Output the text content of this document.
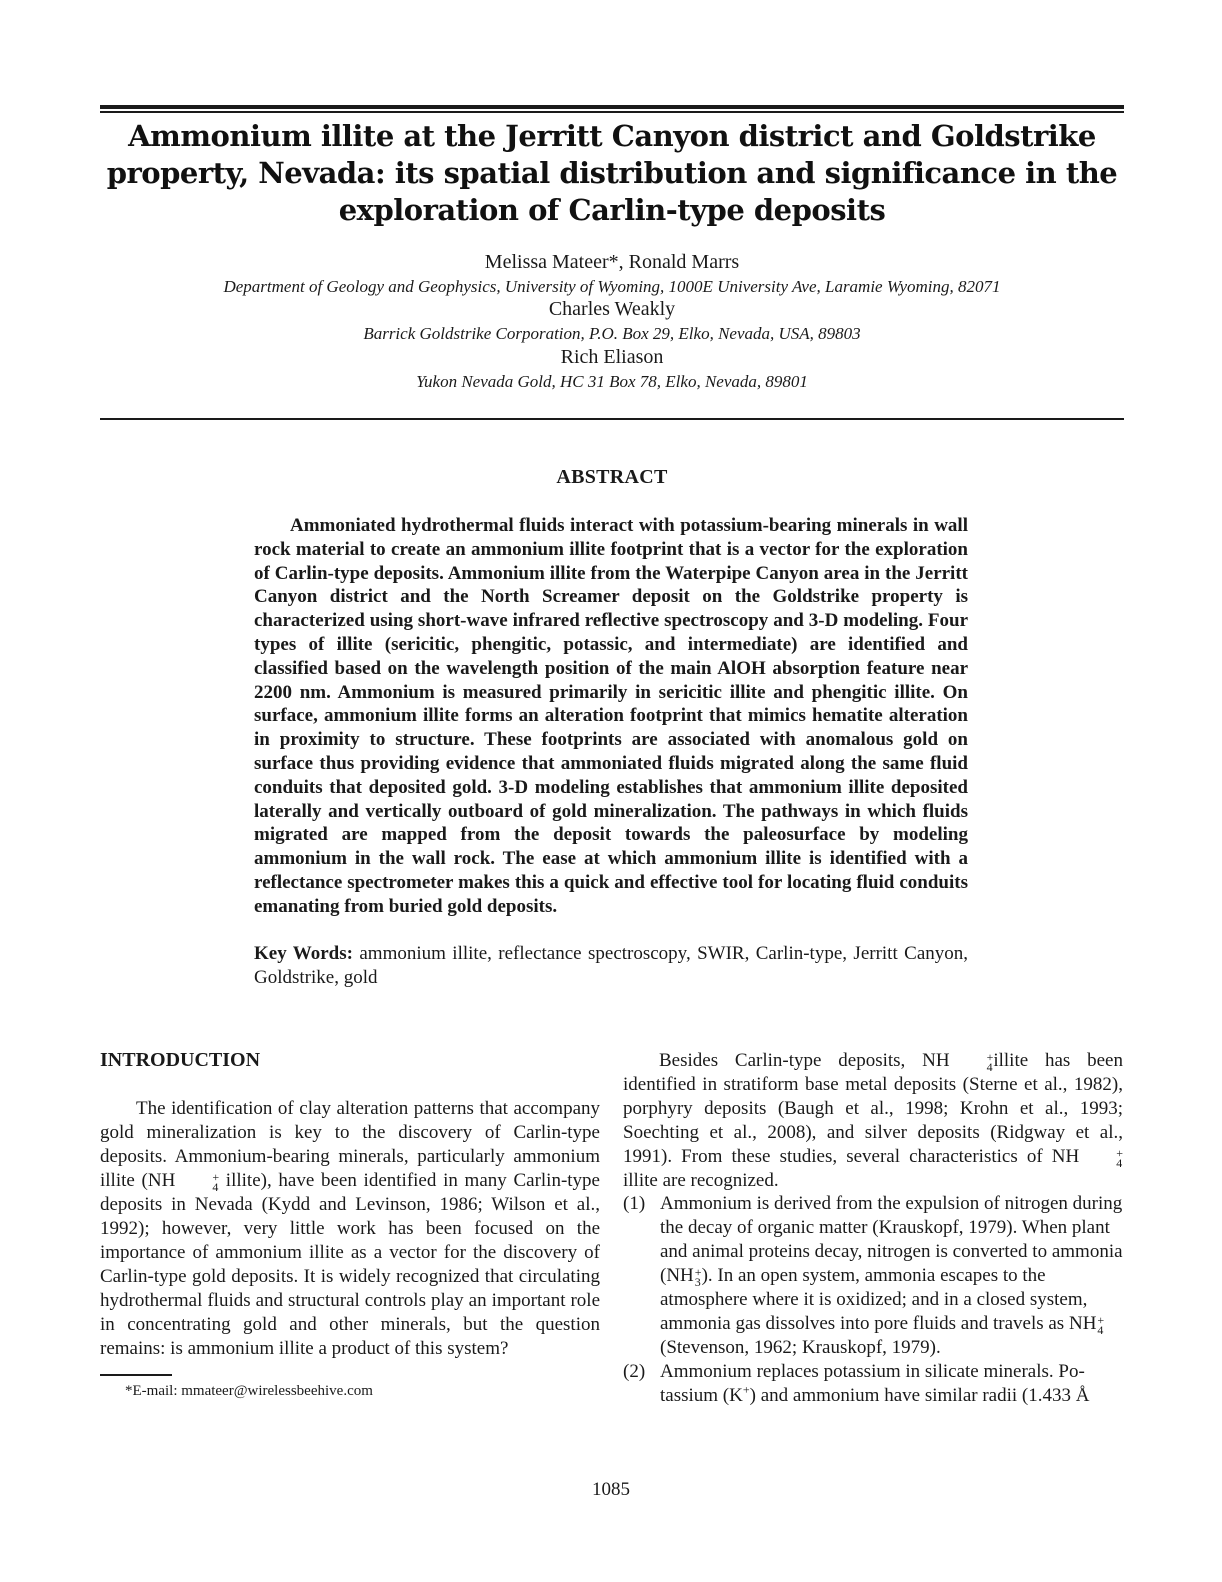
Ammonium illite at the Jerritt Canyon district and Goldstrike
property, Nevada: its spatial distribution and significance in the
exploration of Carlin-type deposits
Melissa Mateer*, Ronald Marrs
Department of Geology and Geophysics, University of Wyoming, 1000E University Ave, Laramie Wyoming, 82071
Charles Weakly
Barrick Goldstrike Corporation, P.O. Box 29, Elko, Nevada, USA, 89803
Rich Eliason
Yukon Nevada Gold, HC 31 Box 78, Elko, Nevada, 89801
ABSTRACT

Ammoniated hydrothermal fluids interact with potassium-bearing minerals in wall rock material to create an ammonium illite footprint that is a vector for the exploration of Carlin-type deposits. Ammonium illite from the Waterpipe Canyon area in the Jerritt Canyon district and the North Screamer deposit on the Goldstrike property is characterized using short-wave infrared reflective spectroscopy and 3-D modeling. Four types of illite (sericitic, phengitic, potassic, and intermediate) are identified and classified based on the wavelength position of the main AlOH absorption feature near 2200 nm. Ammonium is measured primarily in sericitic illite and phengitic illite. On surface, ammonium illite forms an alteration footprint that mimics hematite alteration in proximity to structure. These footprints are associated with anomalous gold on surface thus providing evidence that ammoniated fluids migrated along the same fluid conduits that deposited gold. 3-D modeling establishes that ammonium illite deposited laterally and vertically outboard of gold mineralization. The pathways in which fluids migrated are mapped from the deposit towards the paleosurface by modeling ammonium in the wall rock. The ease at which ammonium illite is identified with a reflectance spectrometer makes this a quick and effective tool for locating fluid conduits emanating from buried gold deposits.

Key Words: ammonium illite, reflectance spectroscopy, SWIR, Carlin-type, Jerritt Canyon, Goldstrike, gold

INTRODUCTION

The identification of clay alteration patterns that accompany gold mineralization is key to the discovery of Carlin-type deposits. Ammonium-bearing minerals, particularly ammonium illite (NH	+
4 illite), have been identified in many Carlin-type deposits in Nevada (Kydd and Levinson, 1986; Wilson et al., 1992); however, very little work has been focused on the importance of ammonium illite as a vector for the discovery of Carlin-type gold deposits. It is widely recognized that circulating hydrothermal fluids and structural controls play an important role in concentrating gold and other minerals, but the question remains: is ammonium illite a product of this system?

Besides Carlin-type deposits, NH	+
4 illite has been identified in stratiform base metal deposits (Sterne et al., 1982), porphyry deposits (Baugh et al., 1998; Krohn et al., 1993; Soechting et al., 2008), and silver deposits (Ridgway et al., 1991). From these studies, several characteristics of NH	+
4
illite are recognized.

(1) Ammonium is derived from the expulsion of nitrogen during the decay of organic matter (Krauskopf, 1979). When plant and animal proteins decay, nitrogen is converted to ammonia (NH +
3 ). In an open system, ammonia escapes to the atmosphere where it is oxidized; and in a closed system, ammonia gas dissolves into pore fluids and travels as NH +
4
(Stevenson, 1962; Krauskopf, 1979).
(2) Ammonium replaces potassium in silicate minerals. Potassium (K+) and ammonium have similar radii (1.433 Å

*E-mail: mmateer@wirelessbeehive.com

1085
